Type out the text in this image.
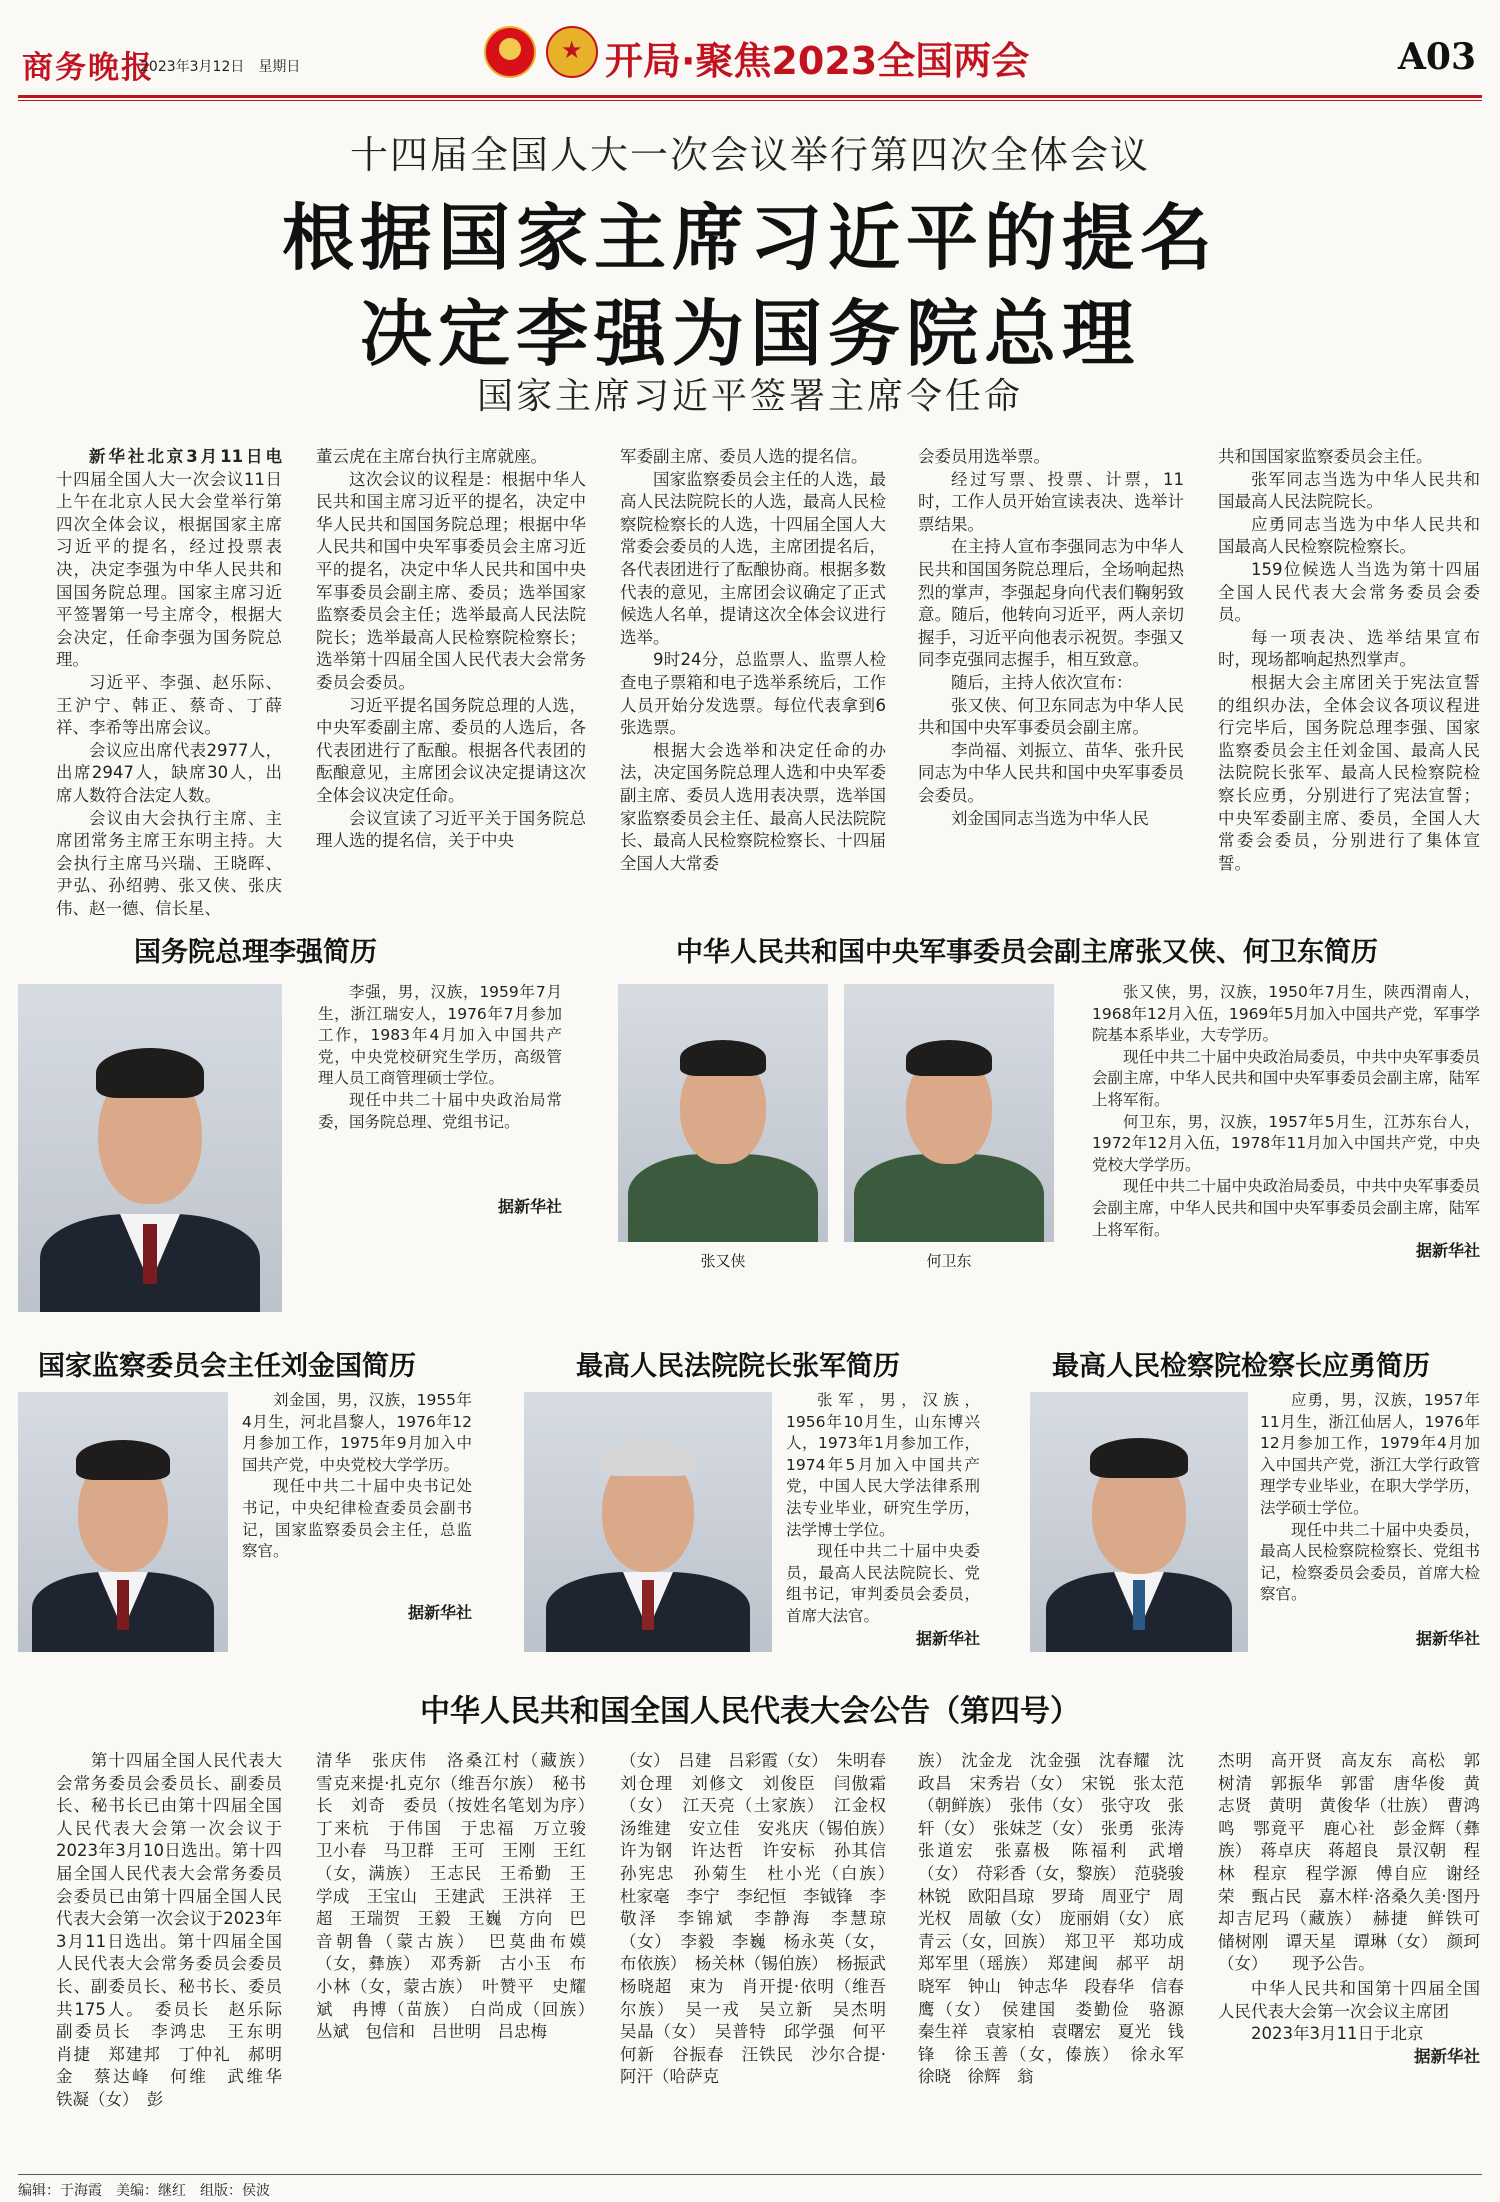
商务晚报
2023年3月12日　星期日
★	开局·聚焦2023全国两会	A03
十四届全国人大一次会议举行第四次全体会议
根据国家主席习近平的提名
决定李强为国务院总理
国家主席习近平签署主席令任命

新华社北京3月11日电　十四届全国人大一次会议11日上午在北京人民大会堂举行第四次全体会议，根据国家主席习近平的提名，经过投票表决，决定李强为中华人民共和国国务院总理。国家主席习近平签署第一号主席令，根据大会决定，任命李强为国务院总理。

习近平、李强、赵乐际、王沪宁、韩正、蔡奇、丁薛祥、李希等出席会议。

会议应出席代表2977人，出席2947人，缺席30人，出席人数符合法定人数。

会议由大会执行主席、主席团常务主席王东明主持。大会执行主席马兴瑞、王晓晖、尹弘、孙绍骋、张又侠、张庆伟、赵一德、信长星、

董云虎在主席台执行主席就座。

这次会议的议程是：根据中华人民共和国主席习近平的提名，决定中华人民共和国国务院总理；根据中华人民共和国中央军事委员会主席习近平的提名，决定中华人民共和国中央军事委员会副主席、委员；选举国家监察委员会主任；选举最高人民法院院长；选举最高人民检察院检察长；选举第十四届全国人民代表大会常务委员会委员。

习近平提名国务院总理的人选，中央军委副主席、委员的人选后，各代表团进行了酝酿。根据各代表团的酝酿意见，主席团会议决定提请这次全体会议决定任命。

会议宣读了习近平关于国务院总理人选的提名信，关于中央

军委副主席、委员人选的提名信。

国家监察委员会主任的人选，最高人民法院院长的人选，最高人民检察院检察长的人选，十四届全国人大常委会委员的人选，主席团提名后，各代表团进行了酝酿协商。根据多数代表的意见，主席团会议确定了正式候选人名单，提请这次全体会议进行选举。

9时24分，总监票人、监票人检查电子票箱和电子选举系统后，工作人员开始分发选票。每位代表拿到6张选票。

根据大会选举和决定任命的办法，决定国务院总理人选和中央军委副主席、委员人选用表决票，选举国家监察委员会主任、最高人民法院院长、最高人民检察院检察长、十四届全国人大常委

会委员用选举票。

经过写票、投票、计票，11时，工作人员开始宣读表决、选举计票结果。

在主持人宣布李强同志为中华人民共和国国务院总理后，全场响起热烈的掌声，李强起身向代表们鞠躬致意。随后，他转向习近平，两人亲切握手，习近平向他表示祝贺。李强又同李克强同志握手，相互致意。

随后，主持人依次宣布：

张又侠、何卫东同志为中华人民共和国中央军事委员会副主席。

李尚福、刘振立、苗华、张升民同志为中华人民共和国中央军事委员会委员。

刘金国同志当选为中华人民

共和国国家监察委员会主任。

张军同志当选为中华人民共和国最高人民法院院长。

应勇同志当选为中华人民共和国最高人民检察院检察长。

159位候选人当选为第十四届全国人民代表大会常务委员会委员。

每一项表决、选举结果宣布时，现场都响起热烈掌声。

根据大会主席团关于宪法宣誓的组织办法，全体会议各项议程进行完毕后，国务院总理李强、国家监察委员会主任刘金国、最高人民法院院长张军、最高人民检察院检察长应勇，分别进行了宪法宣誓；中央军委副主席、委员，全国人大常委会委员，分别进行了集体宣誓。

国务院总理李强简历

李强，男，汉族，1959年7月生，浙江瑞安人，1976年7月参加工作，1983年4月加入中国共产党，中央党校研究生学历，高级管理人员工商管理硕士学位。

现任中共二十届中央政治局常委，国务院总理、党组书记。

据新华社
中华人民共和国中央军事委员会副主席张又侠、何卫东简历
张又侠	何卫东

张又侠，男，汉族，1950年7月生，陕西渭南人，1968年12月入伍，1969年5月加入中国共产党，军事学院基本系毕业，大专学历。

现任中共二十届中央政治局委员，中共中央军事委员会副主席，中华人民共和国中央军事委员会副主席，陆军上将军衔。

何卫东，男，汉族，1957年5月生，江苏东台人，1972年12月入伍，1978年11月加入中国共产党，中央党校大学学历。

现任中共二十届中央政治局委员，中共中央军事委员会副主席，中华人民共和国中央军事委员会副主席，陆军上将军衔。

据新华社
国家监察委员会主任刘金国简历

刘金国，男，汉族，1955年4月生，河北昌黎人，1976年12月参加工作，1975年9月加入中国共产党，中央党校大学学历。

现任中共二十届中央书记处书记，中央纪律检查委员会副书记，国家监察委员会主任，总监察官。

据新华社
最高人民法院院长张军简历

张军，男，汉族，1956年10月生，山东博兴人，1973年1月参加工作，1974年5月加入中国共产党，中国人民大学法律系刑法专业毕业，研究生学历，法学博士学位。

现任中共二十届中央委员，最高人民法院院长、党组书记，审判委员会委员，首席大法官。

据新华社
最高人民检察院检察长应勇简历

应勇，男，汉族，1957年11月生，浙江仙居人，1976年12月参加工作，1979年4月加入中国共产党，浙江大学行政管理学专业毕业，在职大学学历，法学硕士学位。

现任中共二十届中央委员，最高人民检察院检察长、党组书记，检察委员会委员，首席大检察官。

据新华社
中华人民共和国全国人民代表大会公告（第四号）

　　第十四届全国人民代表大会常务委员会委员长、副委员长、秘书长已由第十四届全国人民代表大会第一次会议于2023年3月10日选出。第十四届全国人民代表大会常务委员会委员已由第十四届全国人民代表大会第一次会议于2023年3月11日选出。第十四届全国人民代表大会常务委员会委员长、副委员长、秘书长、委员共175人。　委员长　赵乐际　副委员长　李鸿忠　王东明　肖捷　郑建邦　丁仲礼　郝明金　蔡达峰　何维　武维华　铁凝（女）　彭

清华　张庆伟　洛桑江村（藏族）　雪克来提·扎克尔（维吾尔族）　秘书长　刘奇　委员（按姓名笔划为序）　丁来杭　于伟国　于忠福　万立骏　卫小春　马卫群　王可　王刚　王红（女，满族）　王志民　王希勤　王学成　王宝山　王建武　王洪祥　王超　王瑞贺　王毅　王巍　方向　巴音朝鲁（蒙古族）　巴莫曲布嫫（女，彝族）　邓秀新　古小玉　布小林（女，蒙古族）　叶赞平　史耀斌　冉博（苗族）　白尚成（回族）　丛斌　包信和　吕世明　吕忠梅

（女）　吕建　吕彩霞（女）　朱明春　刘仓理　刘修文　刘俊臣　闫傲霜（女）　江天亮（土家族）　江金权　汤维建　安立佳　安兆庆（锡伯族）　许为钢　许达哲　许安标　孙其信　孙宪忠　孙菊生　杜小光（白族）　杜家毫　李宁　李纪恒　李钺锋　李敬泽　李锦斌　李静海　李慧琼（女）　李毅　李巍　杨永英（女，布依族）　杨关林（锡伯族）　杨振武　杨晓超　束为　肖开提·依明（维吾尔族）　吴一戎　吴立新　吴杰明　吴晶（女）　吴普特　邱学强　何平　何新　谷振春　汪铁民　沙尔合提·阿汗（哈萨克

族）　沈金龙　沈金强　沈春耀　沈政昌　宋秀岩（女）　宋锐　张太范（朝鲜族）　张伟（女）　张守攻　张轩（女）　张妹芝（女）　张勇　张涛　张道宏　张嘉极　陈福利　武增（女）　苻彩香（女，黎族）　范骁骏　林锐　欧阳昌琼　罗琦　周亚宁　周光权　周敏（女）　庞丽娟（女）　底青云（女，回族）　郑卫平　郑功成　郑军里（瑶族）　郑建闽　郝平　胡晓军　钟山　钟志华　段春华　信春鹰（女）　侯建国　娄勤俭　骆源　秦生祥　袁家柏　袁曙宏　夏光　钱锋　徐玉善（女，傣族）　徐永军　徐晓　徐辉　翁

杰明　高开贤　高友东　高松　郭树清　郭振华　郭雷　唐华俊　黄志贤　黄明　黄俊华（壮族）　曹鸿鸣　鄂竟平　鹿心社　彭金辉（彝族）　蒋卓庆　蒋超良　景汉朝　程林　程京　程学源　傅自应　谢经荣　甄占民　嘉木样·洛桑久美·图丹却吉尼玛（藏族）　赫捷　鲜铁可　储树刚　谭天星　谭琳（女）　颜珂（女）　　现予公告。

中华人民共和国第十四届全国人民代表大会第一次会议主席团

2023年3月11日于北京

据新华社

编辑：于海霞　美编：继红　组版：侯波
